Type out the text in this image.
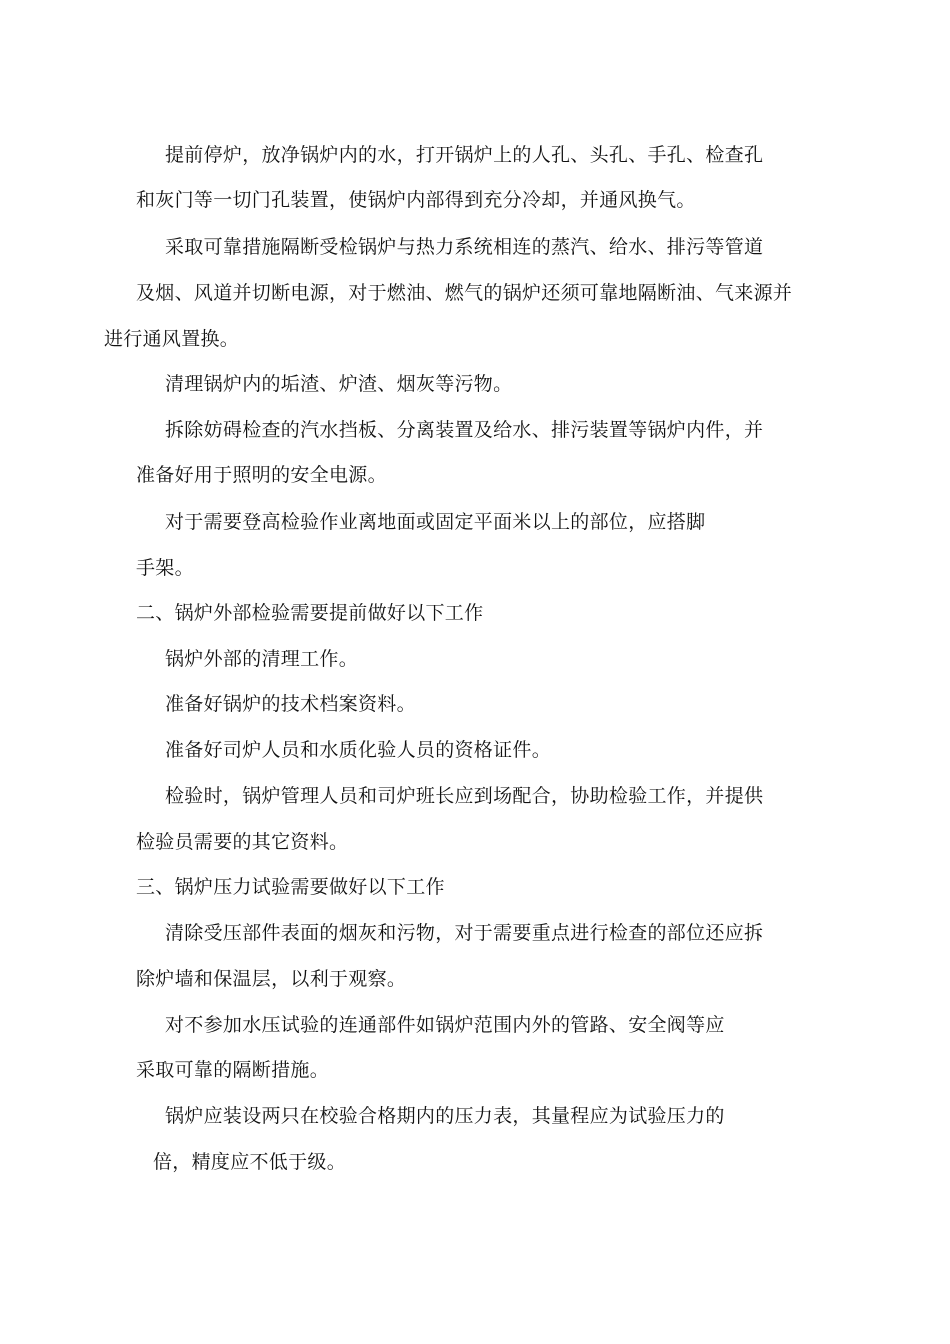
提前停炉，放净锅炉内的水，打开锅炉上的人孔、头孔、手孔、检查孔
和灰门等一切门孔装置，使锅炉内部得到充分冷却，并通风换气。
采取可靠措施隔断受检锅炉与热力系统相连的蒸汽、给水、排污等管道
及烟、风道并切断电源，对于燃油、燃气的锅炉还须可靠地隔断油、气来源并
进行通风置换。
清理锅炉内的垢渣、炉渣、烟灰等污物。
拆除妨碍检查的汽水挡板、分离装置及给水、排污装置等锅炉内件，并
准备好用于照明的安全电源。
对于需要登高检验作业离地面或固定平面米以上的部位，应搭脚
手架。
二、锅炉外部检验需要提前做好以下工作
锅炉外部的清理工作。
准备好锅炉的技术档案资料。
准备好司炉人员和水质化验人员的资格证件。
检验时，锅炉管理人员和司炉班长应到场配合，协助检验工作，并提供
检验员需要的其它资料。
三、锅炉压力试验需要做好以下工作
清除受压部件表面的烟灰和污物，对于需要重点进行检查的部位还应拆
除炉墙和保温层，以利于观察。
对不参加水压试验的连通部件如锅炉范围内外的管路、安全阀等应
采取可靠的隔断措施。
锅炉应装设两只在校验合格期内的压力表，其量程应为试验压力的
倍，精度应不低于级。
